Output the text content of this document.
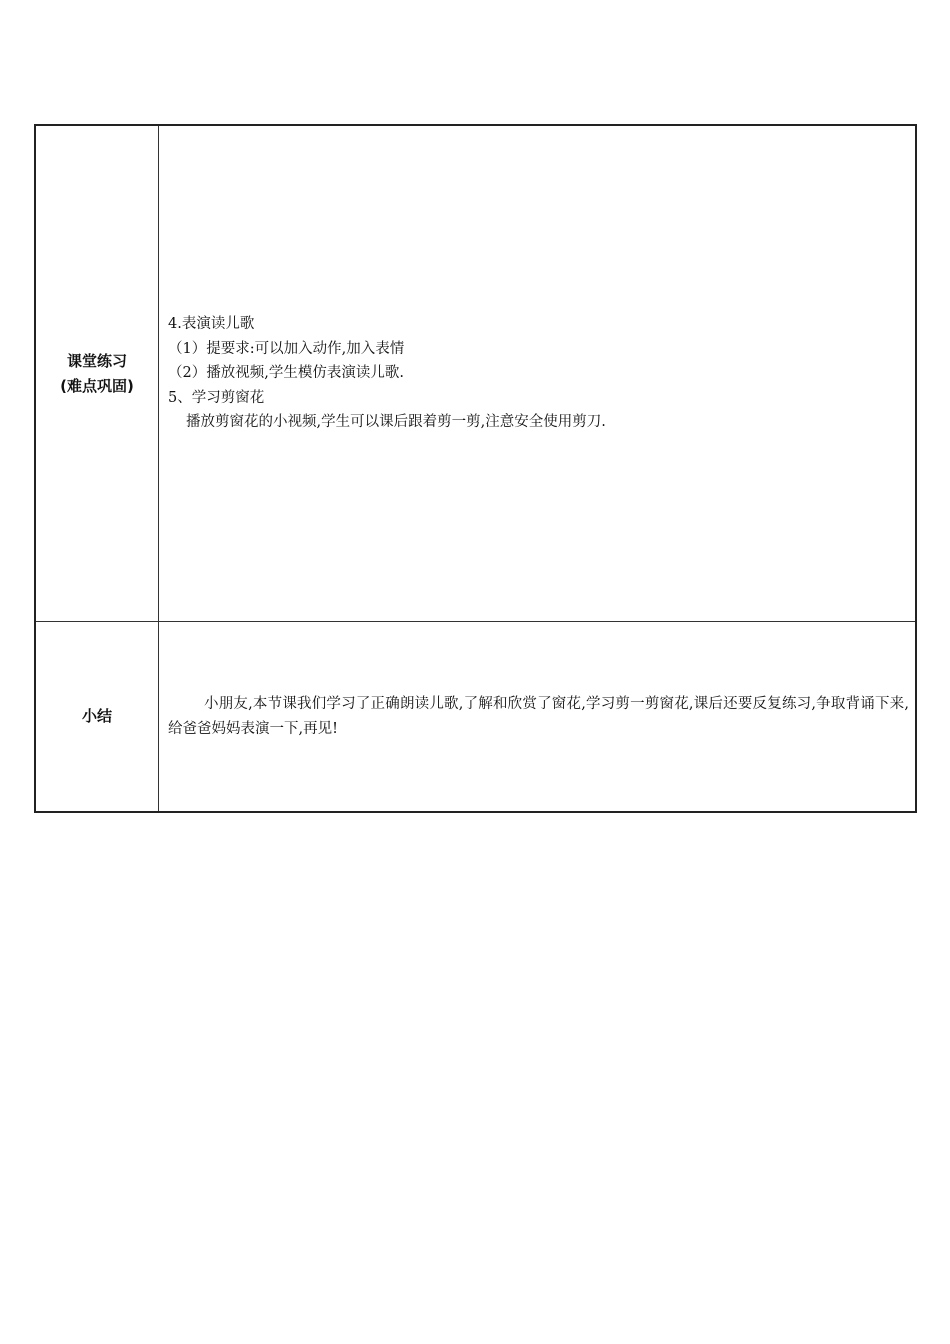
课堂练习
(难点巩固)	4.表演读儿歌
（1）提要求:可以加入动作,加入表情
（2）播放视频,学生模仿表演读儿歌.
5、学习剪窗花
播放剪窗花的小视频,学生可以课后跟着剪一剪,注意安全使用剪刀.

小结	小朋友,本节课我们学习了正确朗读儿歌,了解和欣赏了窗花,学习剪一剪窗花,课后还要反复练习,争取背诵下来,给爸爸妈妈表演一下,再见!
